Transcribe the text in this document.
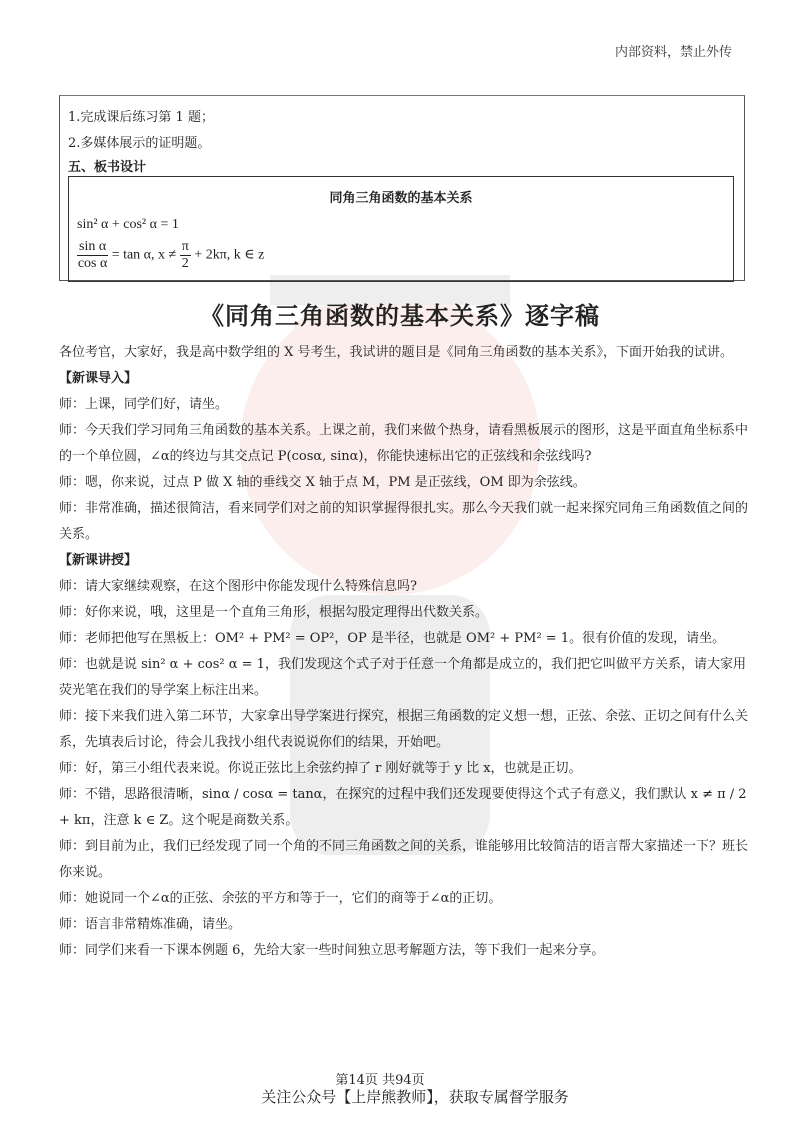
内部资料，禁止外传
1.完成课后练习第 1 题；
2.多媒体展示的证明题。
五、板书设计
同角三角函数的基本关系
sin² α + cos² α = 1
$\frac{\text{sin α}}{\text{cos α}} = \tan \alpha$, $x \ne \frac{\pi}{2} + 2k\pi$, k ∈ z
《同角三角函数的基本关系》逐字稿

各位考官，大家好，我是高中数学组的 X 号考生，我试讲的题目是《同角三角函数的基本关系》，下面开始我的试讲。

【新课导入】

师：上课，同学们好，请坐。

师：今天我们学习同角三角函数的基本关系。上课之前，我们来做个热身，请看黑板展示的图形，这是平面直角坐标系中的一个单位圆，∠α的终边与其交点记 P(cosα, sinα)，你能快速标出它的正弦线和余弦线吗?

师：嗯，你来说，过点 P 做 X 轴的垂线交 X 轴于点 M，PM 是正弦线，OM 即为余弦线。

师：非常准确，描述很简洁，看来同学们对之前的知识掌握得很扎实。那么今天我们就一起来探究同角三角函数值之间的关系。

【新课讲授】

师：请大家继续观察，在这个图形中你能发现什么特殊信息吗?

师：好你来说，哦，这里是一个直角三角形，根据勾股定理得出代数关系。

师：老师把他写在黑板上：OM² + PM² = OP²，OP 是半径，也就是 OM² + PM² = 1。很有价值的发现，请坐。

师：也就是说 sin² α + cos² α = 1，我们发现这个式子对于任意一个角都是成立的，我们把它叫做平方关系，请大家用荧光笔在我们的导学案上标注出来。

师：接下来我们进入第二环节，大家拿出导学案进行探究，根据三角函数的定义想一想，正弦、余弦、正切之间有什么关系，先填表后讨论，待会儿我找小组代表说说你们的结果，开始吧。

师：好，第三小组代表来说。你说正弦比上余弦约掉了 r 刚好就等于 y 比 x，也就是正切。

师：不错，思路很清晰，sinα / cosα = tanα，在探究的过程中我们还发现要使得这个式子有意义，我们默认 x ≠ π / 2 + kπ，注意 k ∈ Z。这个呢是商数关系。

师：到目前为止，我们已经发现了同一个角的不同三角函数之间的关系，谁能够用比较简洁的语言帮大家描述一下？班长你来说。

师：她说同一个∠α的正弦、余弦的平方和等于一，它们的商等于∠α的正切。

师：语言非常精炼准确，请坐。

师：同学们来看一下课本例题 6，先给大家一些时间独立思考解题方法，等下我们一起来分享。

第14页 共94页
关注公众号【上岸熊教师】，获取专属督学服务
